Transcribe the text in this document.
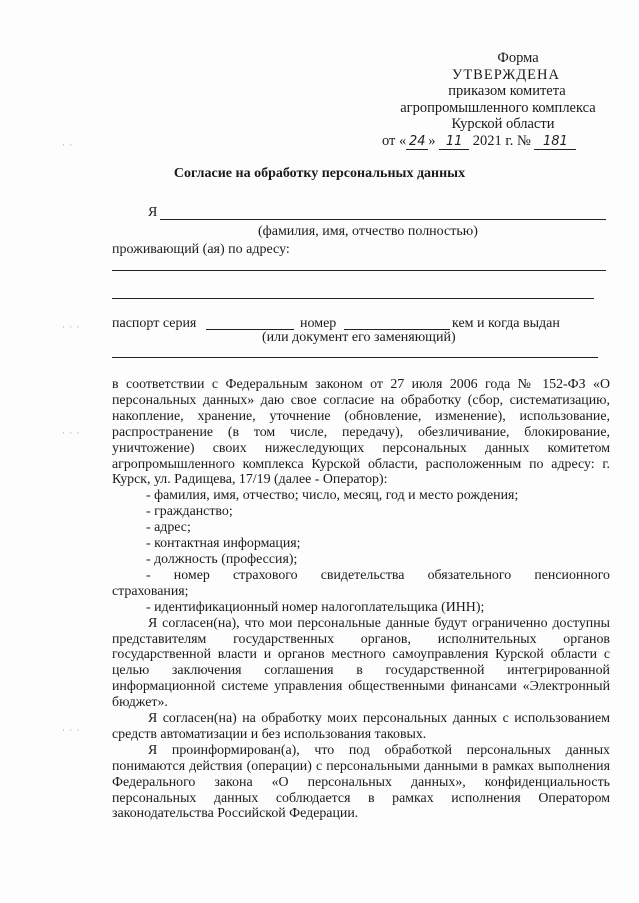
· ·
· · ·
· · ·
· · ·
Форма
УТВЕРЖДЕНА
приказом комитета
агропромышленного комплекса
Курской области
от « 24 » 11 2021 г. № 181
Согласие на обработку персональных данных
Я
(фамилия, имя, отчество полностью)
проживающий (ая) по адресу:
паспорт серия	номер	кем и когда выдан
(или документ его заменяющий)

в соответствии с Федеральным законом от 27 июля 2006 года № 152-ФЗ «О персональных данных» даю свое согласие на обработку (сбор, систематизацию, накопление, хранение, уточнение (обновление, изменение), использование, распространение (в том числе, передачу), обезличивание, блокирование, уничтожение) своих нижеследующих персональных данных комитетом агропромышленного комплекса Курской области, расположенным по адресу: г. Курск, ул. Радищева, 17/19 (далее - Оператор):

- фамилия, имя, отчество; число, месяц, год и место рождения;

- гражданство;

- адрес;

- контактная информация;

- должность (профессия);

- номер страхового свидетельства обязательного пенсионного

страхования;

- идентификационный номер налогоплательщика (ИНН);

Я согласен(на), что мои персональные данные будут ограниченно доступны представителям государственных органов, исполнительных органов государственной власти и органов местного самоуправления Курской области с целью заключения соглашения в государственной интегрированной информационной системе управления общественными финансами «Электронный бюджет».

Я согласен(на) на обработку моих персональных данных с использованием средств автоматизации и без использования таковых.

Я проинформирован(а), что под обработкой персональных данных понимаются действия (операции) с персональными данными в рамках выполнения Федерального закона «О персональных данных», конфиденциальность персональных данных соблюдается в рамках исполнения Оператором законодательства Российской Федерации.
